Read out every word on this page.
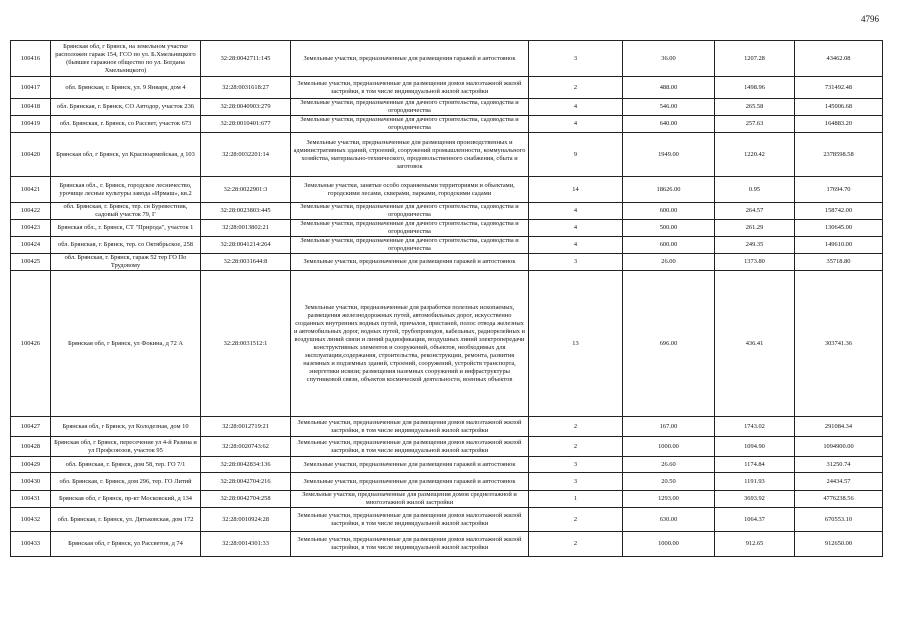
4796
100416	Брянская обл, г Брянск, на земельном участке расположен гараж 154, ГСО по ул. Б.Хмельницкого (бывшее гаражное общество по ул. Богдана Хмельницкого)	32:28:0042711:145	Земельные участки, предназначенные для размещения гаражей и автостоянок	3	36.00	1207.28	43462.08
100417	обл. Брянская, г. Брянск, ул. 9 Января, дом 4	32:28:0031618:27	Земельные участки, предназначенные для размещения домов малоэтажной жилой застройки, в том числе индивидуальной жилой застройки	2	488.00	1498.96	731492.48
100418	обл. Брянская, г. Брянск, СО Автодор, участок 236	32:28:0040903:279	Земельные участки, предназначенные для дачного строительства, садоводства и огородничества	4	546.00	265.58	145006.68
100419	обл. Брянская, г. Брянск, со Рассвет, участок 673	32:28:0010401:677	Земельные участки, предназначенные для дачного строительства, садоводства и огородничества	4	640.00	257.63	164883.20
100420	Брянская обл, г Брянск, ул Красноармейская, д 103	32:28:0032201:14	Земельные участки, предназначенные для размещения производственных и административных зданий, строений, сооружений промышленности, коммунального хозяйства, материально-технического, продовольственного снабжения, сбыта и заготовок	9	1949.00	1220.42	2378598.58
100421	Брянская обл., г. Брянск, городское лесничество, урочище лесные культуры завода «Ирмаш», кв.2	32:28:0022901:3	Земельные участки, занятые особо охраняемыми территориями и объектами, городскими лесами, скверами, парками, городскими садами	14	18626.00	0.95	17694.70
100422	обл. Брянская, г. Брянск, тер. сн Буревестник, садовый участок 79, Г	32:28:0023803:445	Земельные участки, предназначенные для дачного строительства, садоводства и огородничества	4	600.00	264.57	158742.00
100423	Брянская обл., г. Брянск, СТ "Природа", участок 1	32:28:0013802:21	Земельные участки, предназначенные для дачного строительства, садоводства и огородничества	4	500.00	261.29	130645.00
100424	обл. Брянская, г. Брянск, тер. со Октябрьское, 258	32:28:0041214:264	Земельные участки, предназначенные для дачного строительства, садоводства и огородничества	4	600.00	249.35	149610.00
100425	обл. Брянская, г. Брянск, гараж 52 тер ГО По Трудовому	32:28:0031644:8	Земельные участки, предназначенные для размещения гаражей и автостоянок	3	26.00	1373.80	35718.80
100426	Брянская обл, г Брянск, ул Фокина, д 72 А	32:28:0031512:1	Земельные участки, предназначенные для разработки полезных ископаемых, размещения железнодорожных путей, автомобильных дорог, искусственно созданных внутренних водных путей, причалов, пристаней, полос отвода железных и автомобильных дорог, водных путей, трубопроводов, кабельных, радиорелейных и воздушных линий связи и линий радиофикации, воздушных линий электропередачи конструктивных элементов и сооружений, объектов, необходимых для эксплуатации,содержания, строительства, реконструкции, ремонта, развития наземных и подземных зданий, строений, сооружений, устройств транспорта, энергетики исвязи; размещения наземных сооружений и инфраструктуры спутниковой связи, объектов космической деятельности, военных объектов	13	696.00	436.41	303741.36
100427	Брянская обл, г Брянск, ул Колодезная, дом 10	32:28:0012719:21	Земельные участки, предназначенные для размещения домов малоэтажной жилой застройки, в том числе индивидуальной жилой застройки	2	167.00	1743.02	291084.34
100428	Брянская обл, г Брянск, пересечение ул 4-й Разина и ул Профсоюзов, участок 95	32:28:0020743:62	Земельные участки, предназначенные для размещения домов малоэтажной жилой застройки, в том числе индивидуальной жилой застройки	2	1000.00	1094.90	1094900.00
100429	обл. Брянская, г. Брянск, дом 58, тер. ГО 7/1	32:28:0042834:136	Земельные участки, предназначенные для размещения гаражей и автостоянок	3	26.60	1174.84	31250.74
100430	обл. Брянская, г. Брянск, дом 296, тер. ГО Литий	32:28:0042704:216	Земельные участки, предназначенные для размещения гаражей и автостоянок	3	20.50	1191.93	24434.57
100431	Брянская обл, г Брянск, пр-кт Московский, д 134	32:28:0042704:258	Земельные участки, предназначенные для размещения домов среднеэтажной и многоэтажной жилой застройки	1	1293.00	3693.92	4776238.56
100432	обл. Брянская, г. Брянск, ул. Дятьковская, дом 172	32:28:0010924:28	Земельные участки, предназначенные для размещения домов малоэтажной жилой застройки, в том числе индивидуальной жилой застройки	2	630.00	1064.37	670553.10
100433	Брянская обл, г Брянск, ул Рассветов, д 74	32:28:0014301:33	Земельные участки, предназначенные для размещения домов малоэтажной жилой застройки, в том числе индивидуальной жилой застройки	2	1000.00	912.65	912650.00
